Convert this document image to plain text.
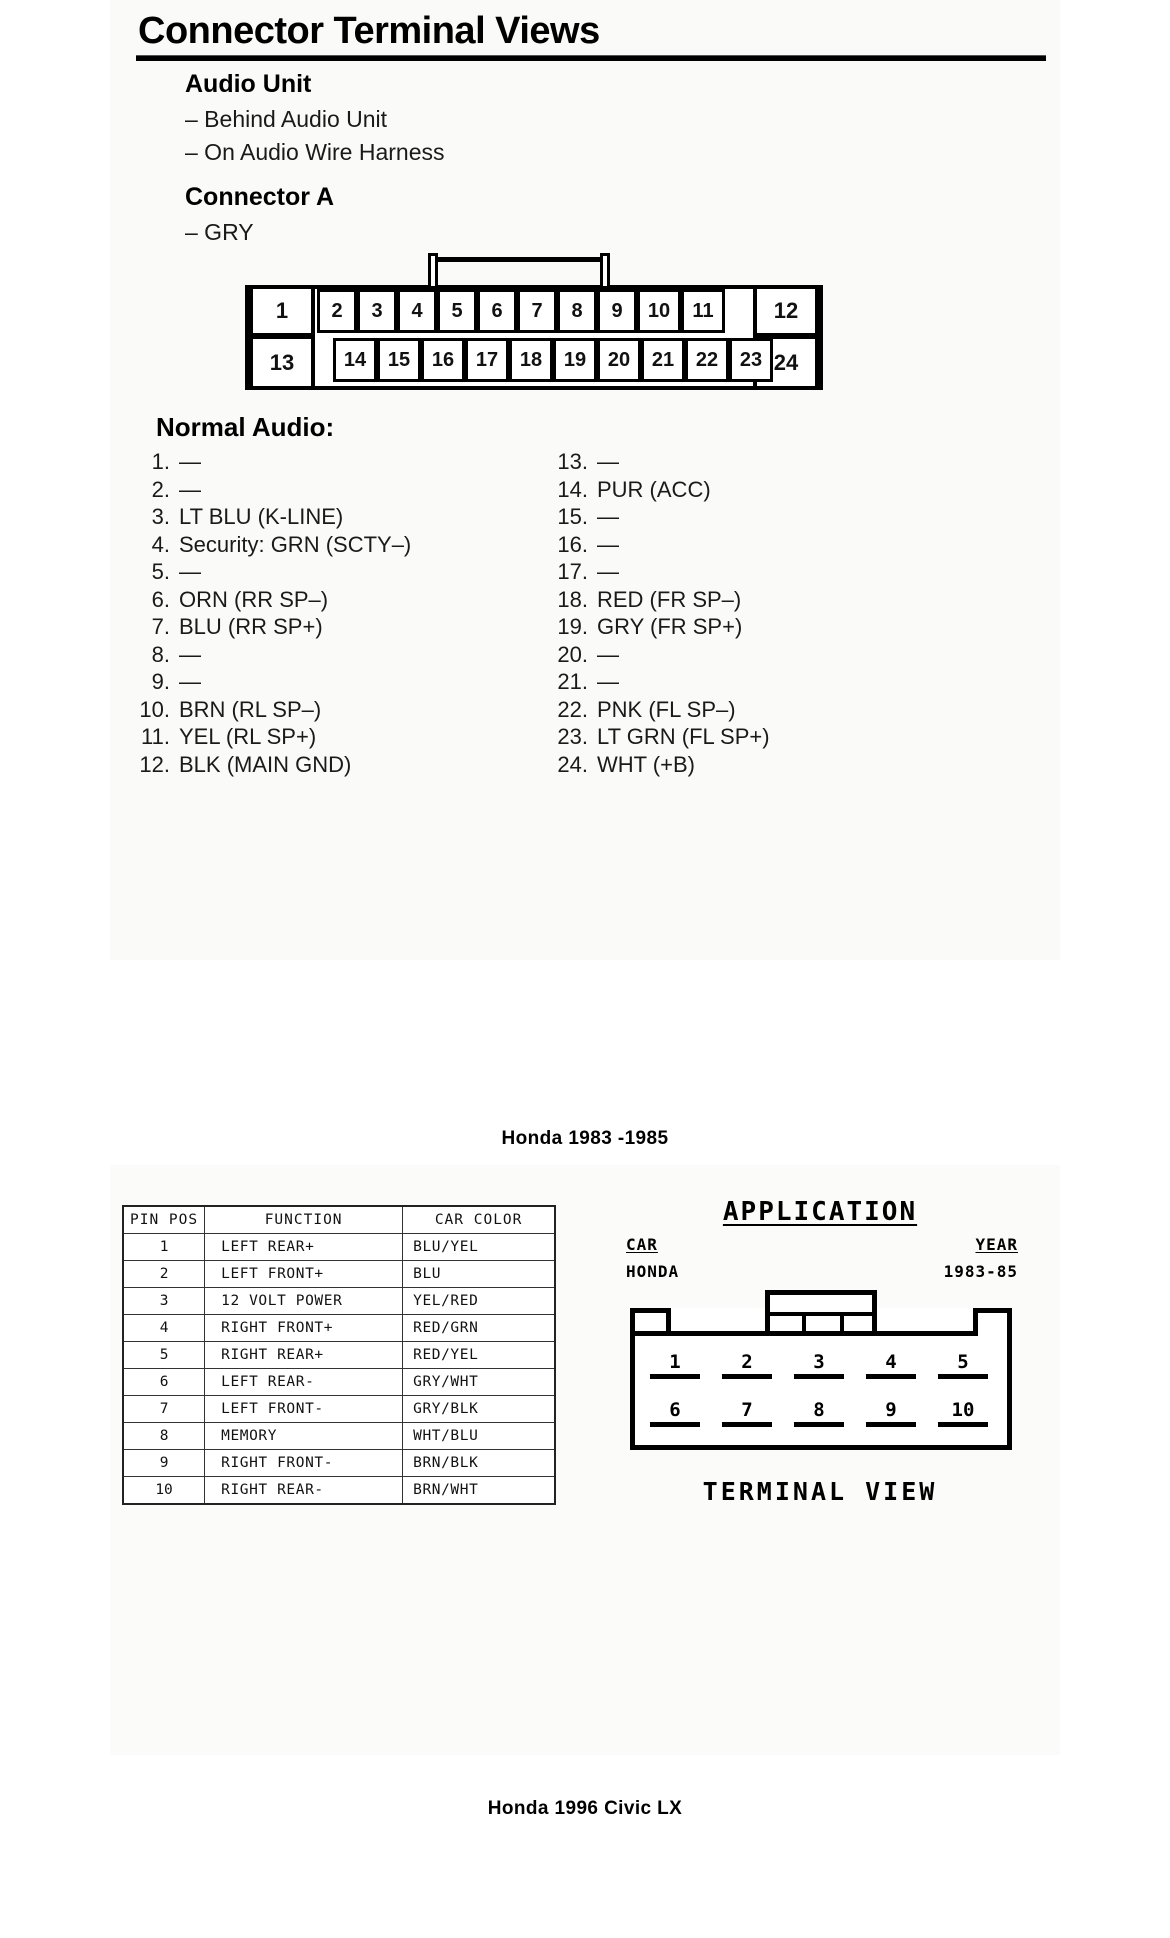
Connector Terminal Views
Audio Unit
– Behind Audio Unit
– On Audio Wire Harness
Connector A
– GRY
1
13
12
24
2	3	4	5	6	7	8	9	10	11
14	15	16	17	18	19	20	21	22	23
Normal Audio:
1. —
2. —
3. LT BLU (K-LINE)
4. Security: GRN (SCTY–)
5. —
6. ORN (RR SP–)
7. BLU (RR SP+)
8. —
9. —
10. BRN (RL SP–)
11. YEL (RL SP+)
12. BLK (MAIN GND)
13. —
14. PUR (ACC)
15. —
16. —
17. —
18. RED (FR SP–)
19. GRY (FR SP+)
20. —
21. —
22. PNK (FL SP–)
23. LT GRN (FL SP+)
24. WHT (+B)
Honda 1983 -1985
PIN POS	FUNCTION	CAR COLOR
1	LEFT REAR+	BLU/YEL
2	LEFT FRONT+	BLU
3	12 VOLT POWER	YEL/RED
4	RIGHT FRONT+	RED/GRN
5	RIGHT REAR+	RED/YEL
6	LEFT REAR-	GRY/WHT
7	LEFT FRONT-	GRY/BLK
8	MEMORY	WHT/BLU
9	RIGHT FRONT-	BRN/BLK
10	RIGHT REAR-	BRN/WHT
APPLICATION
CAR	YEAR
HONDA	1983-85
1	2	3	4	5
6	7	8	9	10
TERMINAL VIEW
Honda 1996 Civic LX
